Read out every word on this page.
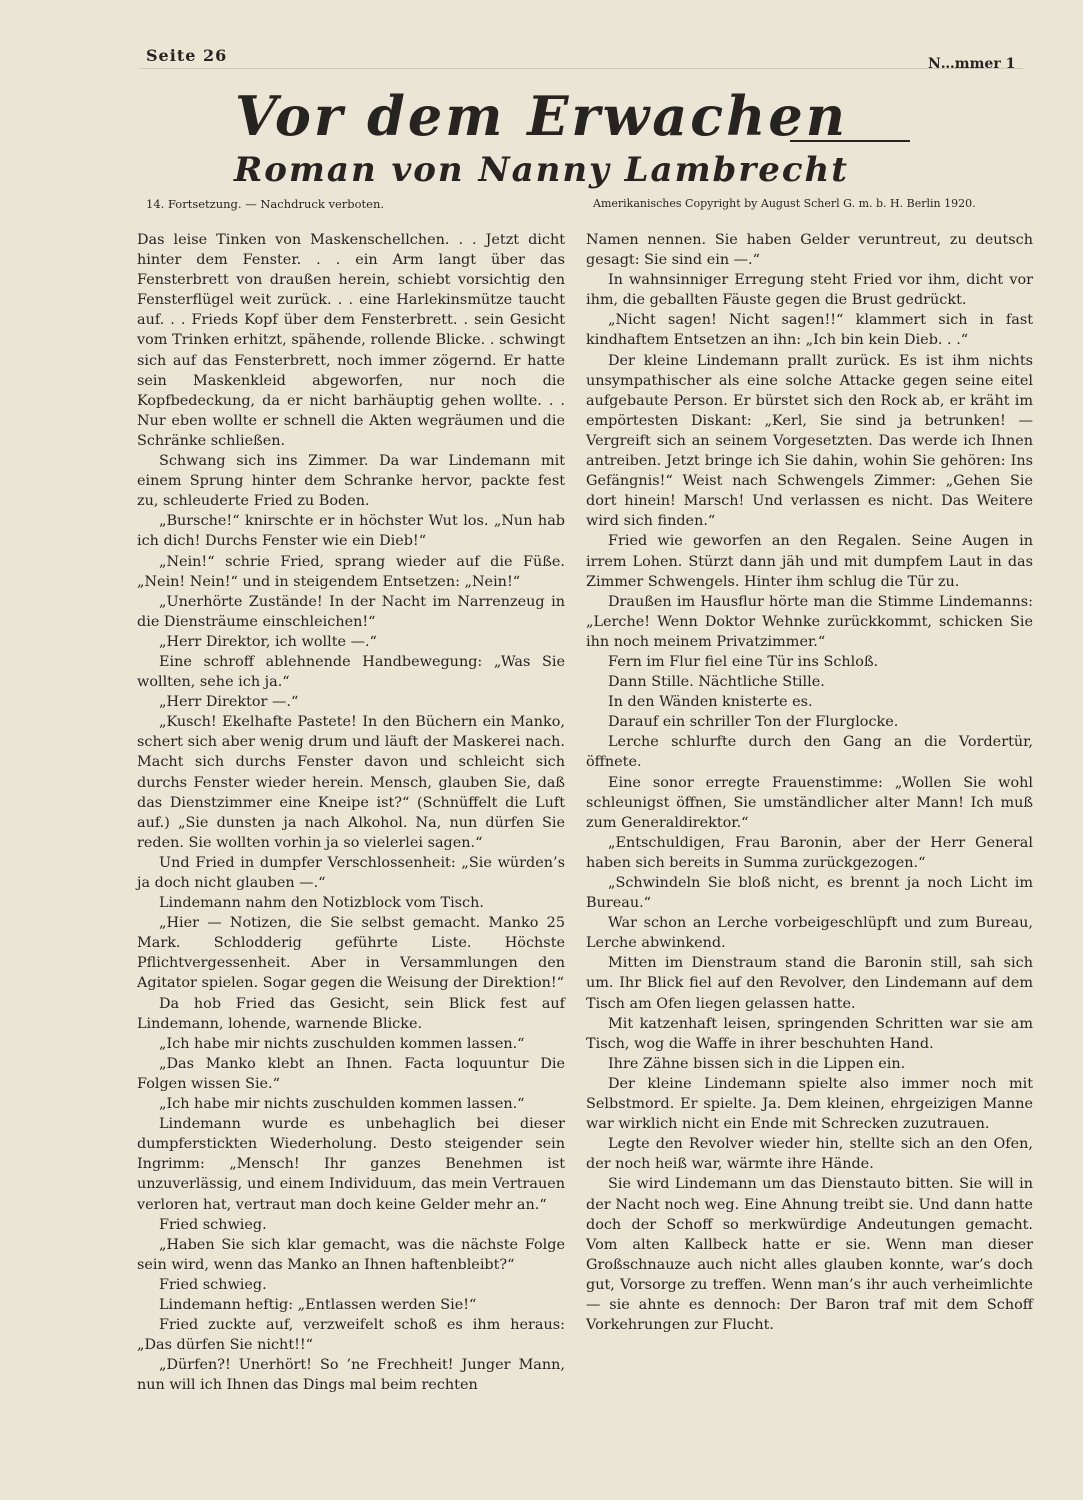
Seite 26	N…mmer 1
Vor dem Erwachen
Roman von Nanny Lambrecht
14. Fortsetzung. — Nachdruck verboten.	Amerikanisches Copyright by August Scherl G. m. b. H. Berlin 1920.

Das leise Tinken von Maskenschellchen. . . Jetzt dicht hinter dem Fenster. . . ein Arm langt über das Fensterbrett von draußen herein, schiebt vorsichtig den Fensterflügel weit zurück. . . eine Harlekinsmütze taucht auf. . . Frieds Kopf über dem Fensterbrett. . sein Gesicht vom Trinken erhitzt, spähende, rollende Blicke. . schwingt sich auf das Fensterbrett, noch immer zögernd. Er hatte sein Maskenkleid abgeworfen, nur noch die Kopfbedeckung, da er nicht barhäuptig gehen wollte. . . Nur eben wollte er schnell die Akten wegräumen und die Schränke schließen.

Schwang sich ins Zimmer. Da war Lindemann mit einem Sprung hinter dem Schranke hervor, packte fest zu, schleuderte Fried zu Boden.

„Bursche!“ knirschte er in höchster Wut los. „Nun hab ich dich! Durchs Fenster wie ein Dieb!“

„Nein!“ schrie Fried, sprang wieder auf die Füße. „Nein! Nein!“ und in steigendem Entsetzen: „Nein!“

„Unerhörte Zustände! In der Nacht im Narrenzeug in die Diensträume einschleichen!“

„Herr Direktor, ich wollte —.“

Eine schroff ablehnende Handbewegung: „Was Sie wollten, sehe ich ja.“

„Herr Direktor —.“

„Kusch! Ekelhafte Pastete! In den Büchern ein Manko, schert sich aber wenig drum und läuft der Maskerei nach. Macht sich durchs Fenster davon und schleicht sich durchs Fenster wieder herein. Mensch, glauben Sie, daß das Dienstzimmer eine Kneipe ist?“ (Schnüffelt die Luft auf.) „Sie dunsten ja nach Alkohol. Na, nun dürfen Sie reden. Sie wollten vorhin ja so vielerlei sagen.“

Und Fried in dumpfer Verschlossenheit: „Sie würden’s ja doch nicht glauben —.“

Lindemann nahm den Notizblock vom Tisch.

„Hier — Notizen, die Sie selbst gemacht. Manko 25 Mark. Schlodderig geführte Liste. Höchste Pflichtvergessenheit. Aber in Versammlungen den Agitator spielen. Sogar gegen die Weisung der Direktion!“

Da hob Fried das Gesicht, sein Blick fest auf Lindemann, lohende, warnende Blicke.

„Ich habe mir nichts zuschulden kommen lassen.“

„Das Manko klebt an Ihnen. Facta loquuntur Die Folgen wissen Sie.“

„Ich habe mir nichts zuschulden kommen lassen.“

Lindemann wurde es unbehaglich bei dieser dumpferstickten Wiederholung. Desto steigender sein Ingrimm: „Mensch! Ihr ganzes Benehmen ist unzuverlässig, und einem Individuum, das mein Vertrauen verloren hat, vertraut man doch keine Gelder mehr an.“

Fried schwieg.

„Haben Sie sich klar gemacht, was die nächste Folge sein wird, wenn das Manko an Ihnen haftenbleibt?“

Fried schwieg.

Lindemann heftig: „Entlassen werden Sie!“

Fried zuckte auf, verzweifelt schoß es ihm heraus: „Das dürfen Sie nicht!!“

„Dürfen?! Unerhört! So ’ne Frechheit! Junger Mann, nun will ich Ihnen das Dings mal beim rechten

Namen nennen. Sie haben Gelder veruntreut, zu deutsch gesagt: Sie sind ein —.“

In wahnsinniger Erregung steht Fried vor ihm, dicht vor ihm, die geballten Fäuste gegen die Brust gedrückt.

„Nicht sagen! Nicht sagen!!“ klammert sich in fast kindhaftem Entsetzen an ihn: „Ich bin kein Dieb. . .“

Der kleine Lindemann prallt zurück. Es ist ihm nichts unsympathischer als eine solche Attacke gegen seine eitel aufgebaute Person. Er bürstet sich den Rock ab, er kräht im empörtesten Diskant: „Kerl, Sie sind ja betrunken! — Vergreift sich an seinem Vorgesetzten. Das werde ich Ihnen antreiben. Jetzt bringe ich Sie dahin, wohin Sie gehören: Ins Gefängnis!“ Weist nach Schwengels Zimmer: „Gehen Sie dort hinein! Marsch! Und verlassen es nicht. Das Weitere wird sich finden.“

Fried wie geworfen an den Regalen. Seine Augen in irrem Lohen. Stürzt dann jäh und mit dumpfem Laut in das Zimmer Schwengels. Hinter ihm schlug die Tür zu.

Draußen im Hausflur hörte man die Stimme Lindemanns: „Lerche! Wenn Doktor Wehnke zurückkommt, schicken Sie ihn noch meinem Privatzimmer.“

Fern im Flur fiel eine Tür ins Schloß.

Dann Stille. Nächtliche Stille.

In den Wänden knisterte es.

Darauf ein schriller Ton der Flurglocke.

Lerche schlurfte durch den Gang an die Vordertür, öffnete.

Eine sonor erregte Frauenstimme: „Wollen Sie wohl schleunigst öffnen, Sie umständlicher alter Mann! Ich muß zum Generaldirektor.“

„Entschuldigen, Frau Baronin, aber der Herr General haben sich bereits in Summa zurückgezogen.“

„Schwindeln Sie bloß nicht, es brennt ja noch Licht im Bureau.“

War schon an Lerche vorbeigeschlüpft und zum Bureau, Lerche abwinkend.

Mitten im Dienstraum stand die Baronin still, sah sich um. Ihr Blick fiel auf den Revolver, den Lindemann auf dem Tisch am Ofen liegen gelassen hatte.

Mit katzenhaft leisen, springenden Schritten war sie am Tisch, wog die Waffe in ihrer beschuhten Hand.

Ihre Zähne bissen sich in die Lippen ein.

Der kleine Lindemann spielte also immer noch mit Selbstmord. Er spielte. Ja. Dem kleinen, ehrgeizigen Manne war wirklich nicht ein Ende mit Schrecken zuzutrauen.

Legte den Revolver wieder hin, stellte sich an den Ofen, der noch heiß war, wärmte ihre Hände.

Sie wird Lindemann um das Dienstauto bitten. Sie will in der Nacht noch weg. Eine Ahnung treibt sie. Und dann hatte doch der Schoff so merkwürdige Andeutungen gemacht. Vom alten Kallbeck hatte er sie. Wenn man dieser Großschnauze auch nicht alles glauben konnte, war’s doch gut, Vorsorge zu treffen. Wenn man’s ihr auch verheimlichte — sie ahnte es dennoch: Der Baron traf mit dem Schoff Vorkehrungen zur Flucht.
